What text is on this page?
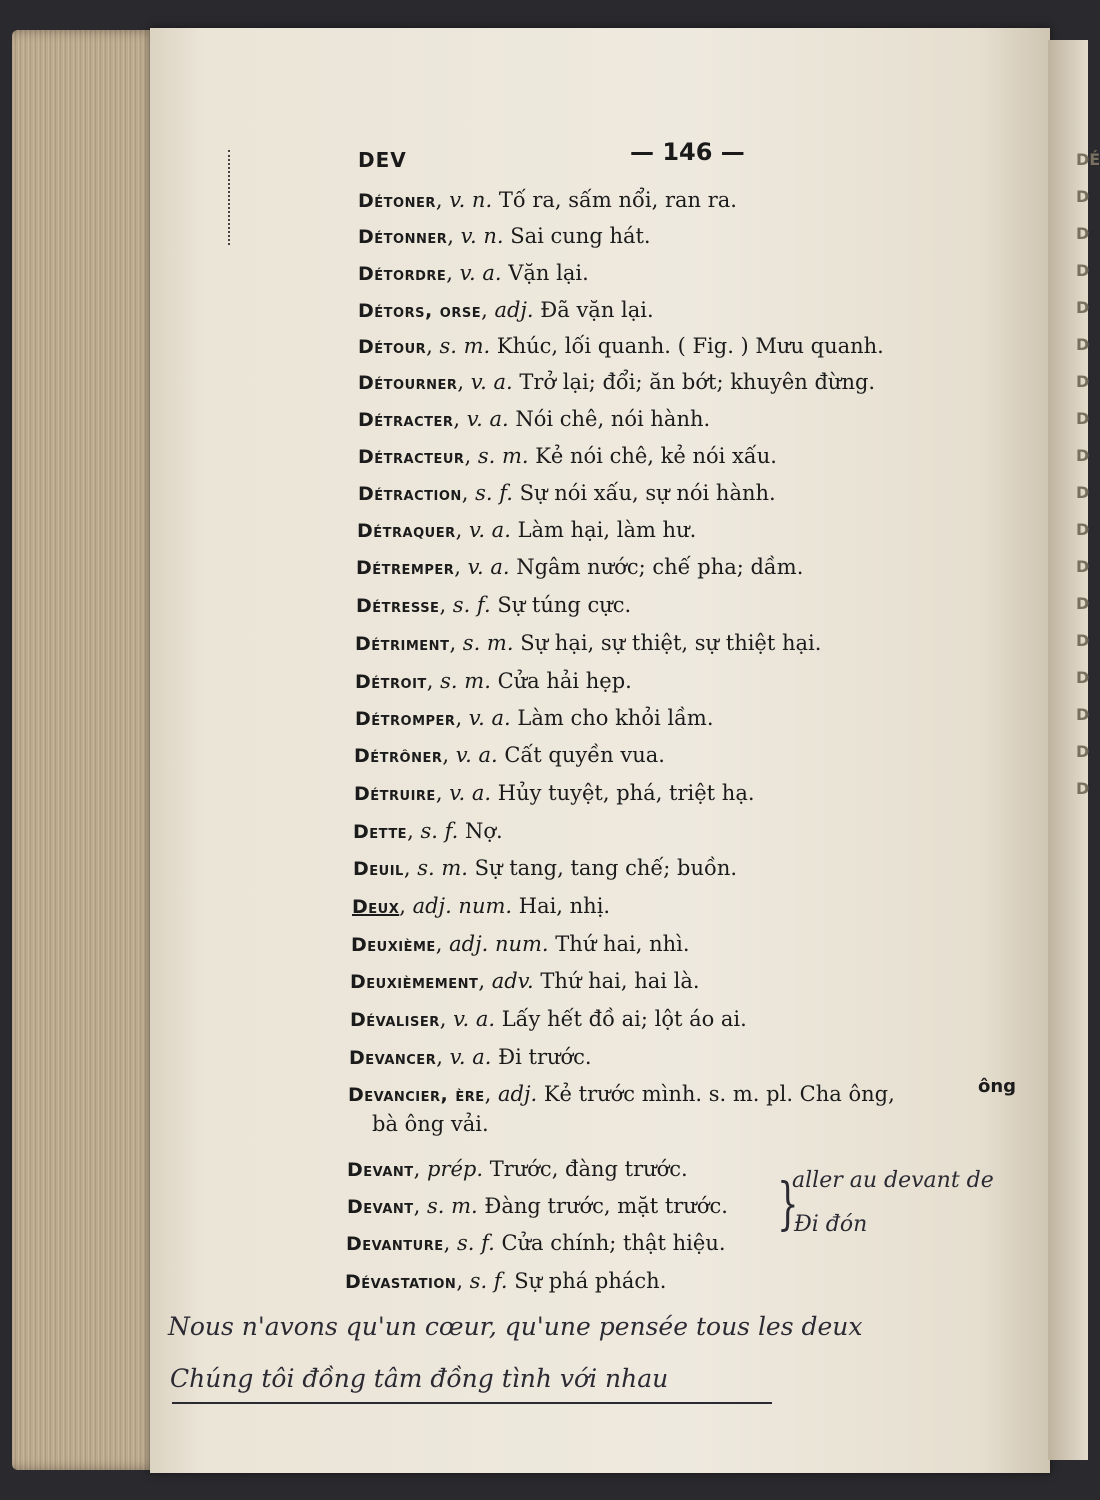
DÉ
D
D
D
D
D
D
D
D
D
D
D
D
D
D
D
D
D
DEV	— 146 —
Détoner, v. n. Tố ra, sấm nổi, ran ra.
Détonner, v. n. Sai cung hát.
Détordre, v. a. Vặn lại.
Détors, orse, adj. Đã vặn lại.
Détour, s. m. Khúc, lối quanh. ( Fig. ) Mưu quanh.
Détourner, v. a. Trở lại; đổi; ăn bớt; khuyên đừng.
Détracter, v. a. Nói chê, nói hành.
Détracteur, s. m. Kẻ nói chê, kẻ nói xấu.
Détraction, s. f. Sự nói xấu, sự nói hành.
Détraquer, v. a. Làm hại, làm hư.
Détremper, v. a. Ngâm nước; chế pha; dầm.
Détresse, s. f. Sự túng cực.
Détriment, s. m. Sự hại, sự thiệt, sự thiệt hại.
Détroit, s. m. Cửa hải hẹp.
Détromper, v. a. Làm cho khỏi lầm.
Détrôner, v. a. Cất quyền vua.
Détruire, v. a. Hủy tuyệt, phá, triệt hạ.
Dette, s. f. Nợ.
Deuil, s. m. Sự tang, tang chế; buồn.
Deux, adj. num. Hai, nhị.
Deuxième, adj. num. Thứ hai, nhì.
Deuxièmement, adv. Thứ hai, hai là.
Dévaliser, v. a. Lấy hết đồ ai; lột áo ai.
Devancer, v. a. Đi trước.
Devancier, ère, adj. Kẻ trước mình. s. m. pl. Cha ông,	ông
bà ông vải.
Devant, prép. Trước, đàng trước.
Devant, s. m. Đàng trước, mặt trước.
Devanture, s. f. Cửa chính; thật hiệu.
Dévastation, s. f. Sự phá phách.
}
aller au devant de
Đi đón
Nous n'avons qu'un cœur, qu'une pensée tous les deux
Chúng tôi đồng tâm đồng tình với nhau
